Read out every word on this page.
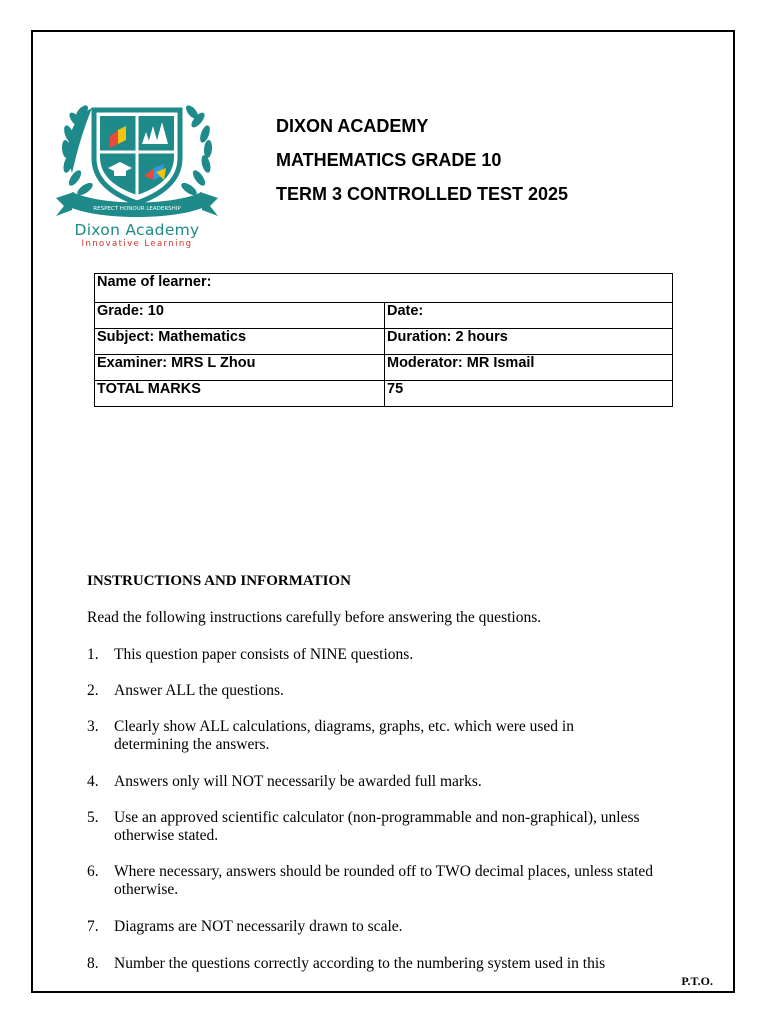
RESPECT HONOUR LEADERSHIP
Dixon Academy
Innovative Learning
DIXON ACADEMY
MATHEMATICS GRADE 10
TERM 3 CONTROLLED TEST 2025
Name of learner:	
Grade: 10	Date:
Subject: Mathematics	Duration: 2 hours
Examiner: MRS L Zhou	Moderator: MR Ismail
TOTAL MARKS	75
INSTRUCTIONS AND INFORMATION
Read the following instructions carefully before answering the questions.
1. This question paper consists of NINE questions.
2. Answer ALL the questions.
3. Clearly show ALL calculations, diagrams, graphs, etc. which were used in determining the answers.
4. Answers only will NOT necessarily be awarded full marks.
5. Use an approved scientific calculator (non-programmable and non-graphical), unless otherwise stated.
6. Where necessary, answers should be rounded off to TWO decimal places, unless stated otherwise.
7. Diagrams are NOT necessarily drawn to scale.
8. Number the questions correctly according to the numbering system used in this
P.T.O.
